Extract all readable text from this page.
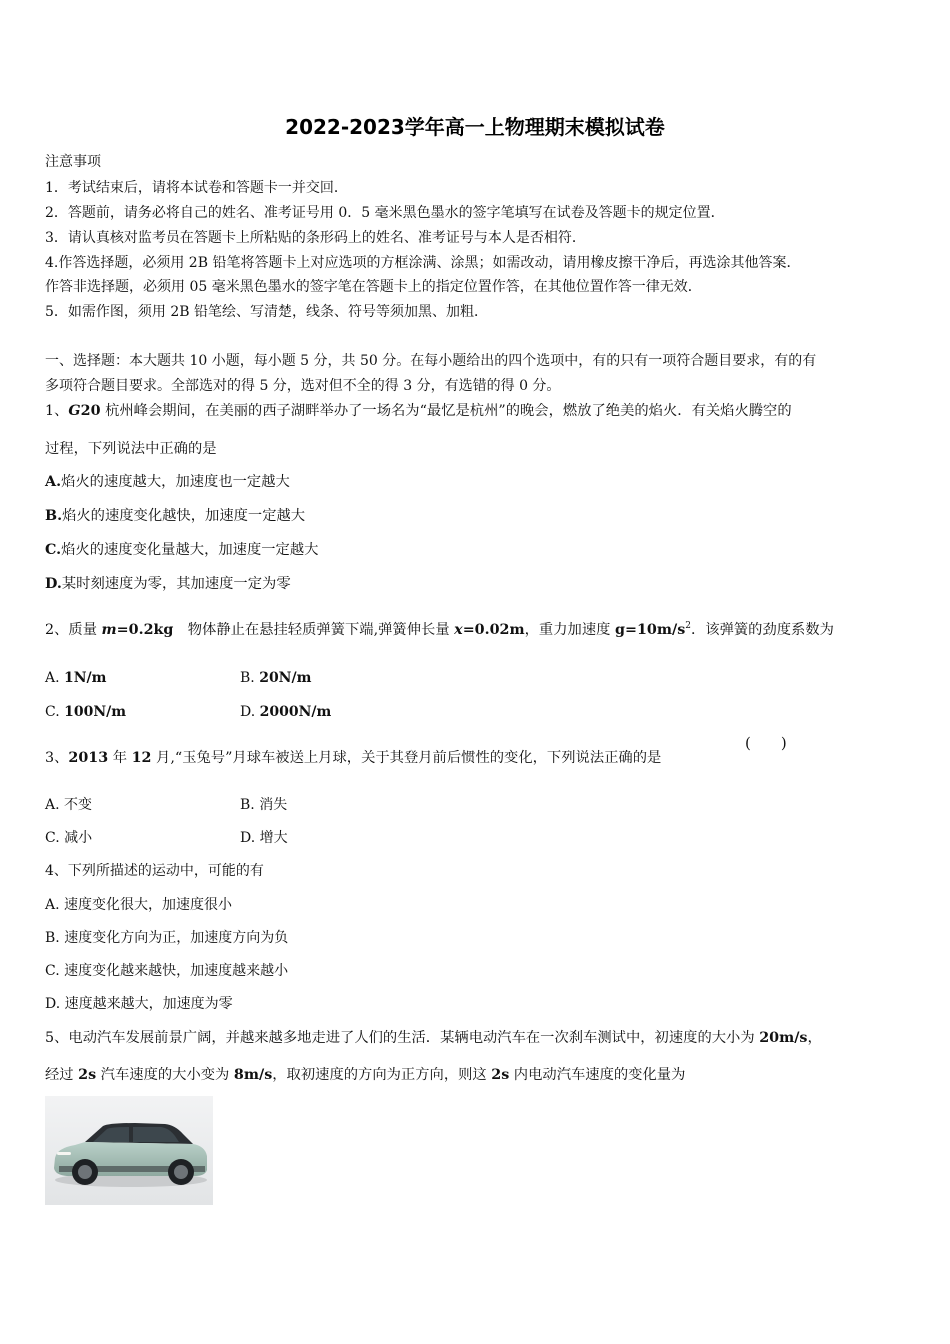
2022-2023学年高一上物理期末模拟试卷
注意事项
1．考试结束后，请将本试卷和答题卡一并交回．
2．答题前，请务必将自己的姓名、准考证号用 0．5 毫米黑色墨水的签字笔填写在试卷及答题卡的规定位置．
3．请认真核对监考员在答题卡上所粘贴的条形码上的姓名、准考证号与本人是否相符．
4.作答选择题，必须用 2B 铅笔将答题卡上对应选项的方框涂满、涂黑；如需改动，请用橡皮擦干净后，再选涂其他答案．
作答非选择题，必须用 05 毫米黑色墨水的签字笔在答题卡上的指定位置作答，在其他位置作答一律无效．
5．如需作图，须用 2B 铅笔绘、写清楚，线条、符号等须加黑、加粗．
一、选择题：本大题共 10 小题，每小题 5 分，共 50 分。在每小题给出的四个选项中，有的只有一项符合题目要求，有的有
多项符合题目要求。全部选对的得 5 分，选对但不全的得 3 分，有选错的得 0 分。
1、G20 杭州峰会期间，在美丽的西子湖畔举办了一场名为“最忆是杭州”的晚会，燃放了绝美的焰火．有关焰火腾空的
过程，下列说法中正确的是
A.焰火的速度越大，加速度也一定越大
B.焰火的速度变化越快，加速度一定越大
C.焰火的速度变化量越大，加速度一定越大
D.某时刻速度为零，其加速度一定为零
2、质量 m=0.2kg　物体静止在悬挂轻质弹簧下端,弹簧伸长量 x=0.02m，重力加速度 $g=10m/s^2$．该弹簧的劲度系数为
A. 1N/m	B. 20N/m
C. 100N/m	D. 2000N/m
3、2013 年 12 月,“玉兔号”月球车被送上月球，关于其登月前后惯性的变化，下列说法正确的是
(　　)
A. 不变	B. 消失
C. 减小	D. 增大
4、下列所描述的运动中，可能的有
A. 速度变化很大，加速度很小
B. 速度变化方向为正，加速度方向为负
C. 速度变化越来越快，加速度越来越小
D. 速度越来越大，加速度为零
5、电动汽车发展前景广阔，并越来越多地走进了人们的生活．某辆电动汽车在一次刹车测试中，初速度的大小为 20m/s，
经过 2s 汽车速度的大小变为 8m/s，取初速度的方向为正方向，则这 2s 内电动汽车速度的变化量为
